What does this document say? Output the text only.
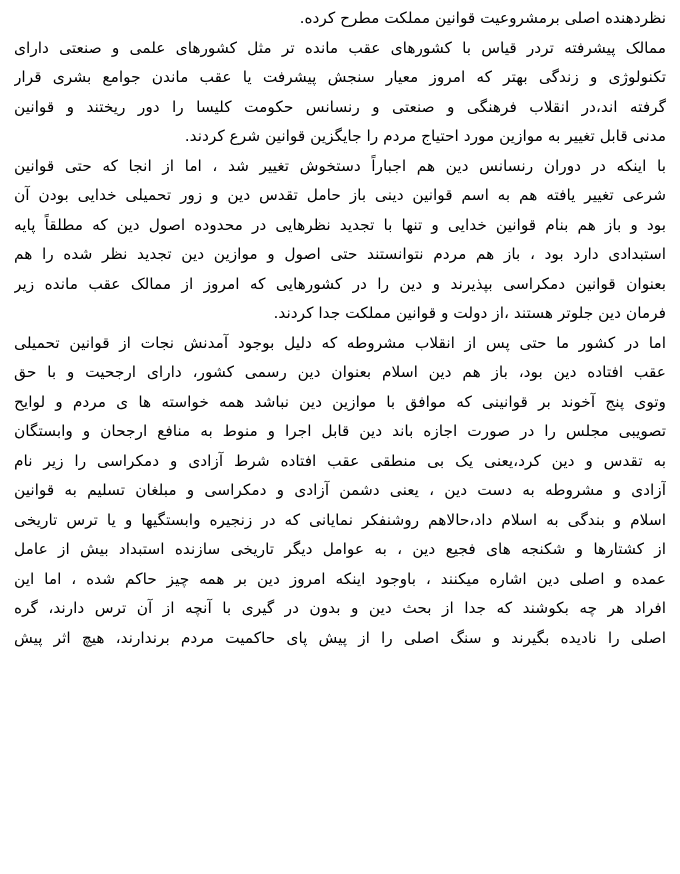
نظردهنده اصلی برمشروعیت قوانین مملکت مطرح کرده.
ممالک پیشرفته تردر قیاس با کشورهای عقب مانده تر مثل کشورهای علمی و صنعتی دارای
تکنولوژی و زندگی بهتر که امروز معیار سنجش پیشرفت یا عقب ماندن جوامع بشری قرار
گرفته اند،در انقلاب فرهنگی و صنعتی و رنسانس حکومت کلیسا را دور ریختند و قوانین
مدنی قابل تغییر به موازین مورد احتیاج مردم را جایگزین قوانین شرع کردند.
با اینکه در دوران رنسانس دین هم اجباراً دستخوش تغییر شد ، اما از انجا که حتی قوانین
شرعی تغییر یافته هم به اسم قوانین دینی باز حامل تقدس دین و زور تحمیلی خدایی بودن آن
بود و باز هم بنام قوانین خدایی و تنها با تجدید نظرهایی در محدوده اصول دین که مطلقاً پایه
استبدادی دارد بود ، باز هم مردم نتوانستند حتی اصول و موازین دین تجدید نظر شده را هم
بعنوان قوانین دمکراسی بپذیرند و دین را در کشورهایی که امروز از ممالک عقب مانده زیر
فرمان دین جلوتر هستند ،از دولت و قوانین مملکت جدا کردند.
اما در کشور ما حتی پس از انقلاب مشروطه که دلیل بوجود آمدنش نجات از قوانین تحمیلی
عقب افتاده دین بود، باز هم دین اسلام بعنوان دین رسمی کشور، دارای ارجحیت و با حق
وتوی پنج آخوند بر قوانینی که موافق با موازین دین نباشد همه خواسته ها ی مردم و لوایح
تصویبی مجلس را در صورت اجازه باند دین قابل اجرا و منوط به منافع ارجحان و وابستگان
به تقدس و دین کرد،یعنی یک بی منطقی عقب افتاده شرط آزادی و دمکراسی را زیر نام
آزادی و مشروطه به دست دین ، یعنی دشمن آزادی و دمکراسی و مبلغان تسلیم به قوانین
اسلام و بندگی به اسلام داد،حالاهم روشنفکر نمایانی که در زنجیره وابستگیها و یا ترس تاریخی
از کشتارها و شکنجه های فجیع دین ، به عوامل دیگر تاریخی سازنده استبداد بیش از عامل
عمده و اصلی دین اشاره میکنند ، باوجود اینکه امروز دین بر همه چیز حاکم شده ، اما این
افراد هر چه بکوشند که جدا از بحث دین و بدون در گیری با آنچه از آن ترس دارند، گره
اصلی را نادیده بگیرند و سنگ اصلی را از پیش پای حاکمیت مردم برندارند، هیچ اثر پیش
